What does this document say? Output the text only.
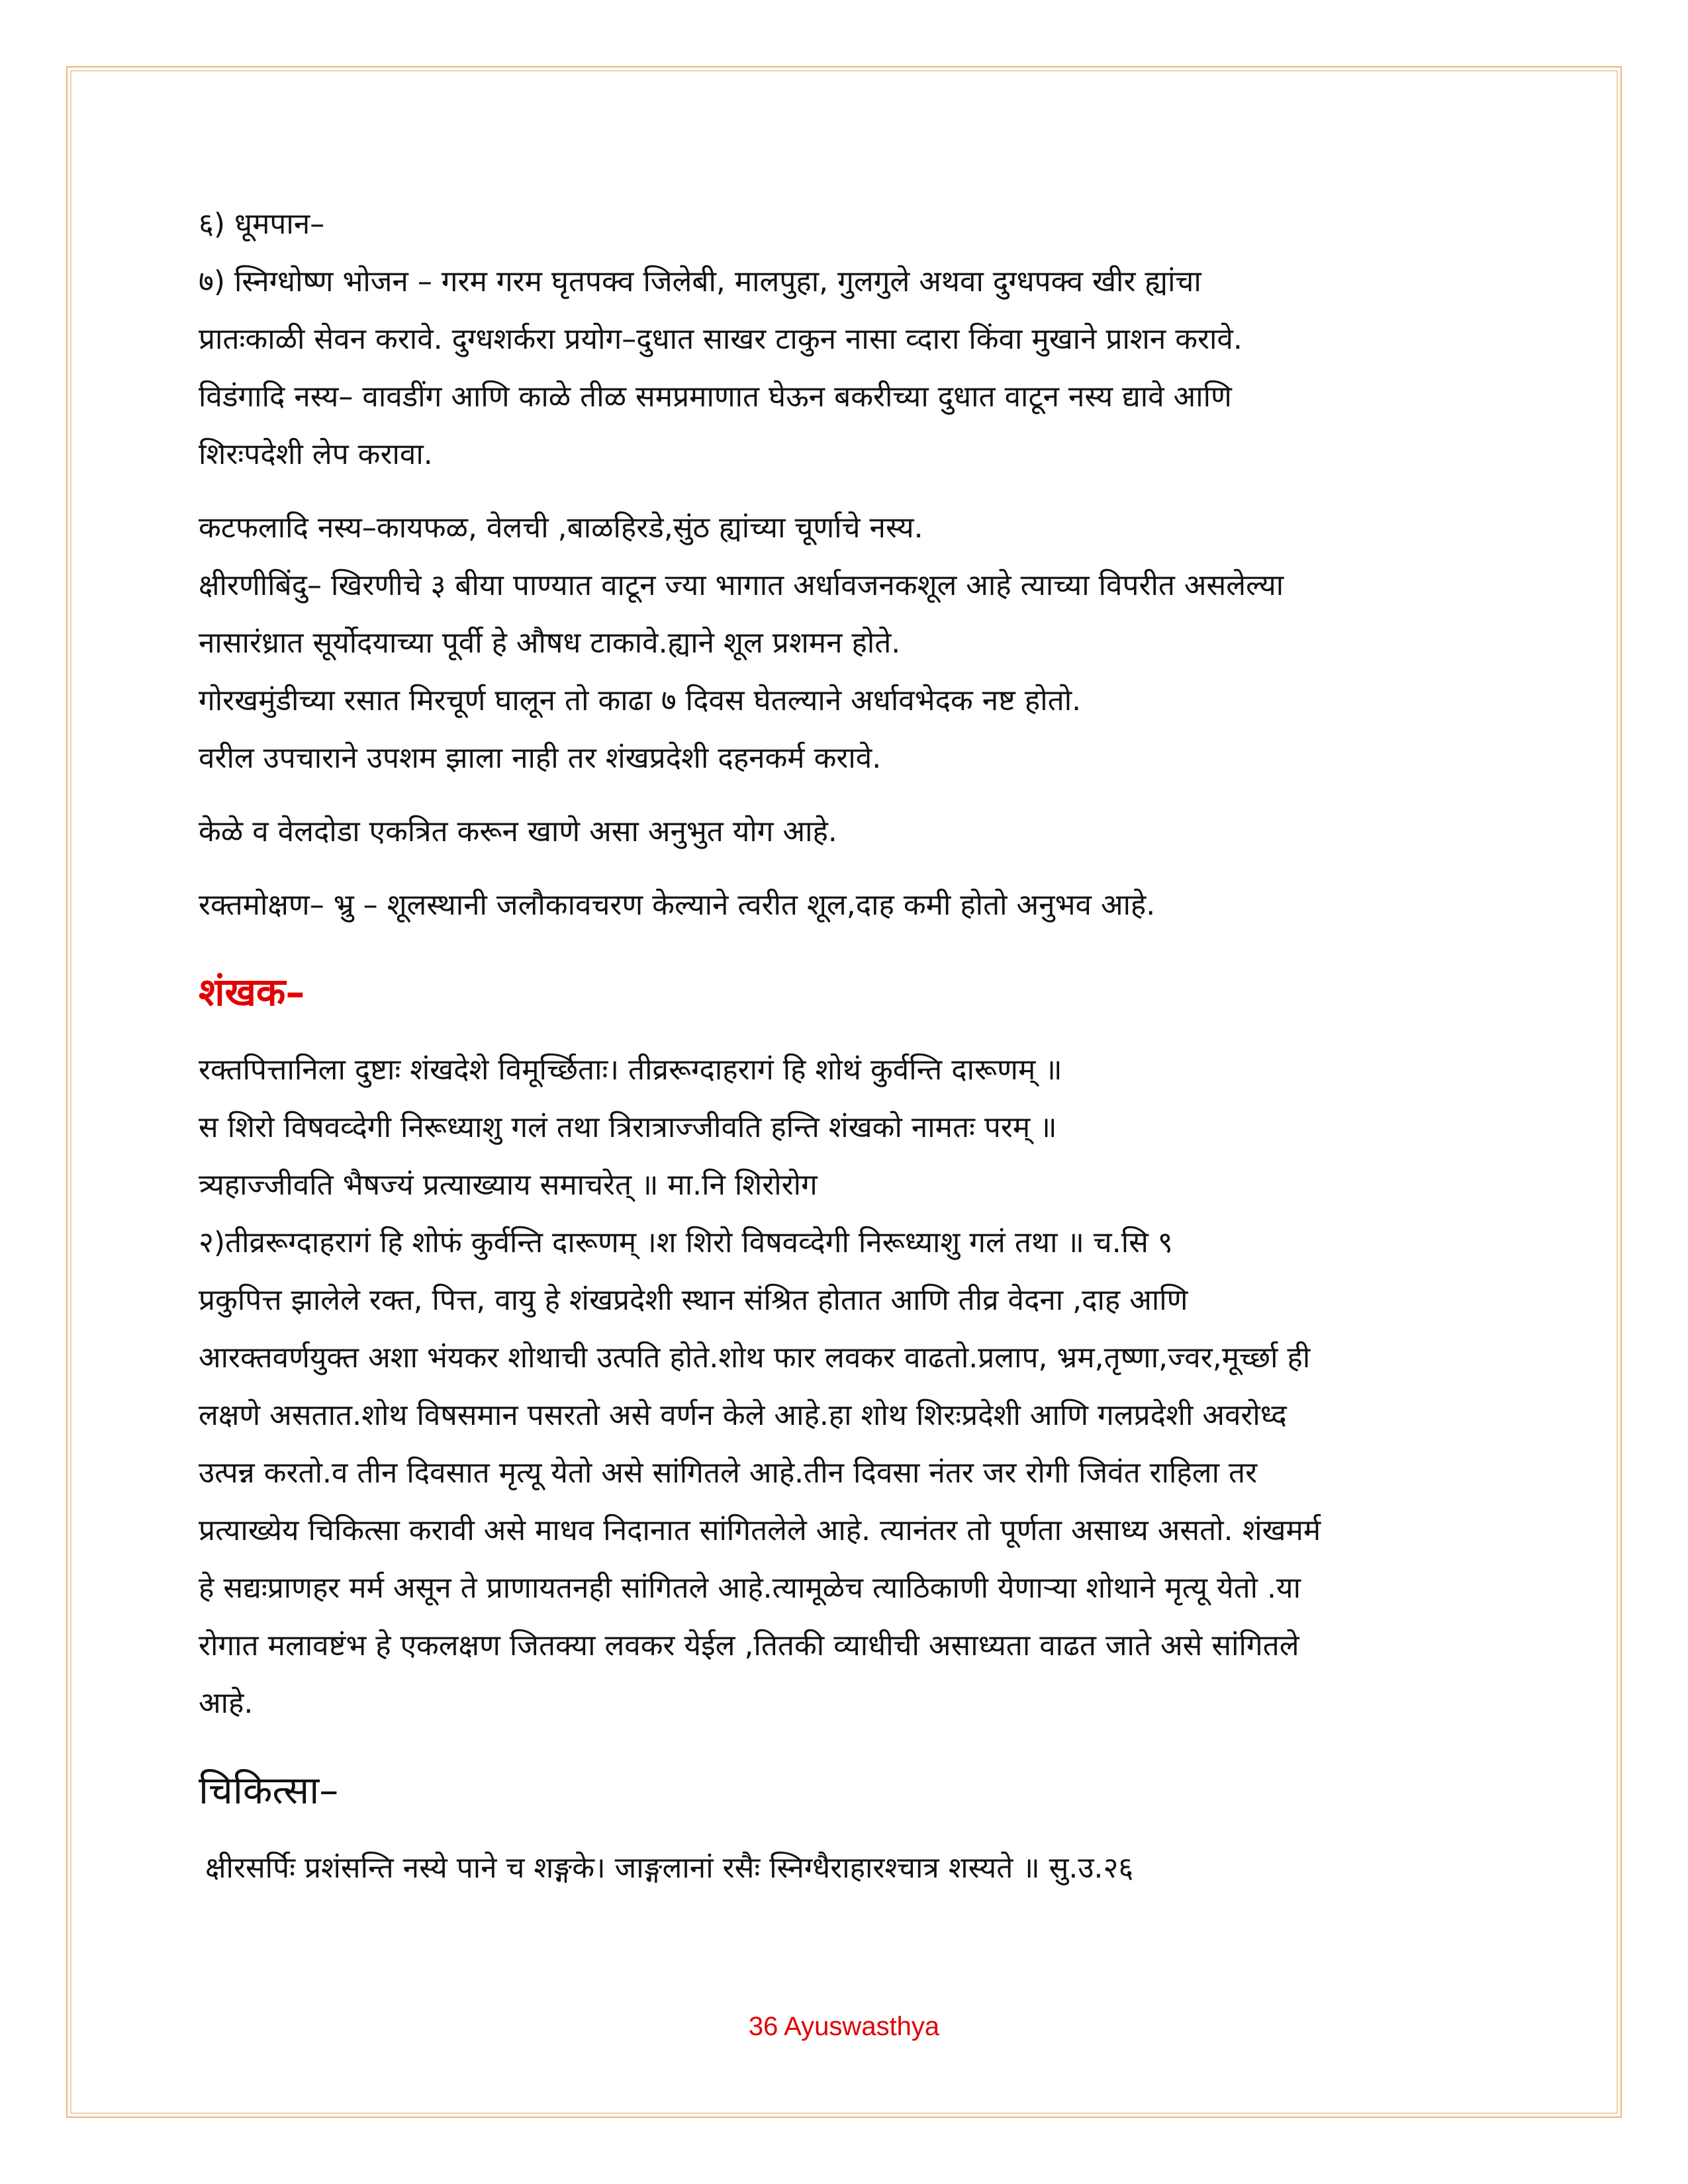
६) धूमपान–

७) स्निग्धोष्ण भोजन – गरम गरम घृतपक्व जिलेबी, मालपुहा, गुलगुले अथवा दुग्धपक्व खीर ह्यांचा

प्रातःकाळी सेवन करावे. दुग्धशर्करा प्रयोग–दुधात साखर टाकुन नासा व्दारा किंवा मुखाने प्राशन करावे.

विडंगादि नस्य– वावडींग आणि काळे तीळ समप्रमाणात घेऊन बकरीच्या दुधात वाटून नस्य द्यावे आणि

शिरःपदेशी लेप करावा.

कटफलादि नस्य–कायफळ, वेलची ,बाळहिरडे,सुंठ ह्यांच्या चूर्णाचे नस्य.

क्षीरणीबिंदु– खिरणीचे ३ बीया पाण्यात वाटून ज्या भागात अर्धावजनकशूल आहे त्याच्या विपरीत असलेल्या

नासारंध्रात सूर्योदयाच्या पूर्वी हे औषध टाकावे.ह्याने शूल प्रशमन होते.

गोरखमुंडीच्या रसात मिरचूर्ण घालून तो काढा ७ दिवस घेतल्याने अर्धावभेदक नष्ट होतो.

वरील उपचाराने उपशम झाला नाही तर शंखप्रदेशी दहनकर्म करावे.

केळे व वेलदोडा एकत्रित करून खाणे असा अनुभुत योग आहे.

रक्तमोक्षण– भ्रु – शूलस्थानी जलौकावचरण केल्याने त्वरीत शूल,दाह कमी होतो अनुभव आहे.

शंखक–

रक्तपित्तानिला दुष्टाः शंखदेशे विमूर्च्छिताः। तीव्ररूग्दाहरागं हि शोथं कुर्वन्ति दारूणम् ॥

स शिरो विषवव्देगी निरूध्याशु गलं तथा त्रिरात्राज्जीवति हन्ति शंखको नामतः परम् ॥

त्र्यहाज्जीवति भैषज्यं प्रत्याख्याय समाचरेत् ॥ मा.नि शिरोरोग

२)तीव्ररूग्दाहरागं हि शोफं कुर्वन्ति दारूणम् ।श शिरो विषवव्देगी निरूध्याशु गलं तथा ॥ च.सि ९

प्रकुपित्त झालेले रक्त, पित्त, वायु हे शंखप्रदेशी स्थान संश्रित होतात आणि तीव्र वेदना ,दाह आणि

आरक्तवर्णयुक्त अशा भंयकर शोथाची उत्पति होते.शोथ फार लवकर वाढतो.प्रलाप, भ्रम,तृष्णा,ज्वर,मूर्च्छा ही

लक्षणे असतात.शोथ विषसमान पसरतो असे वर्णन केले आहे.हा शोथ शिरःप्रदेशी आणि गलप्रदेशी अवरोध्द

उत्पन्न करतो.व तीन दिवसात मृत्यू येतो असे सांगितले आहे.तीन दिवसा नंतर जर रोगी जिवंत राहिला तर

प्रत्याख्येय चिकित्सा करावी असे माधव निदानात सांगितलेले आहे. त्यानंतर तो पूर्णता असाध्य असतो. शंखमर्म

हे सद्यःप्राणहर मर्म असून ते प्राणायतनही सांगितले आहे.त्यामूळेच त्याठिकाणी येणाऱ्या शोथाने मृत्यू येतो .या

रोगात मलावष्टंभ हे एकलक्षण जितक्या लवकर येईल ,तितकी व्याधीची असाध्यता वाढत जाते असे सांगितले

आहे.

चिकित्सा–

क्षीरसर्पिः प्रशंसन्ति नस्ये पाने च शङ्गके। जाङ्गलानां रसैः स्निग्धैराहारश्चात्र शस्यते ॥ सु.उ.२६

36 Ayuswasthya
